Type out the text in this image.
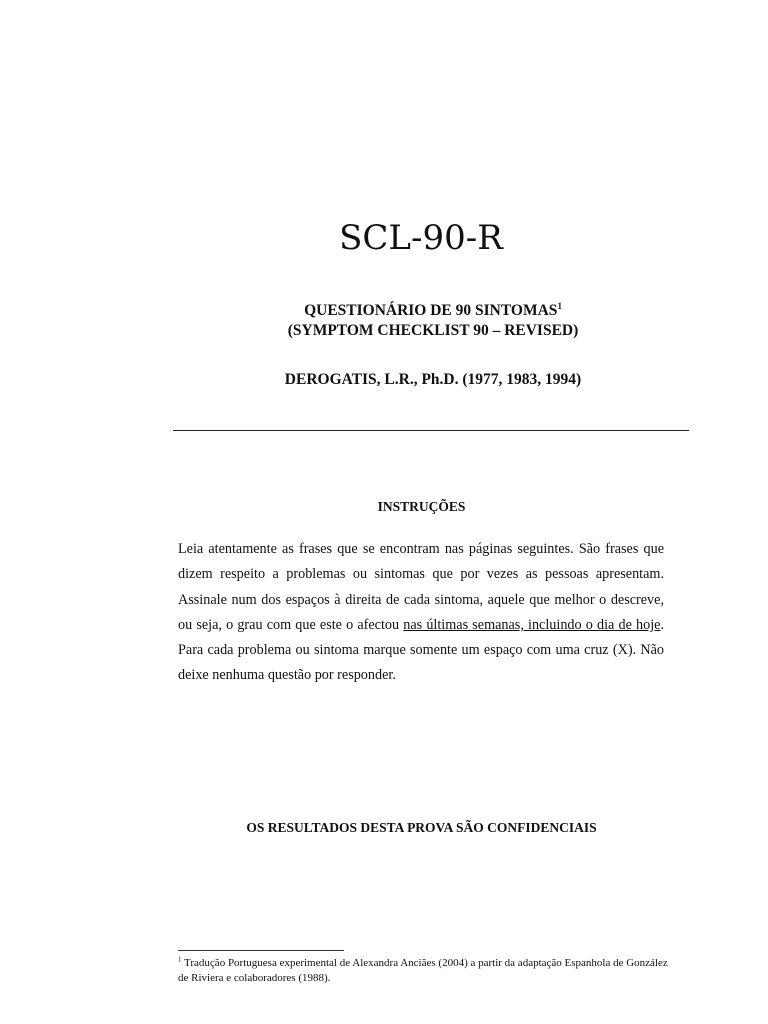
SCL-90-R
QUESTIONÁRIO DE 90 SINTOMAS$^1$
(SYMPTOM CHECKLIST 90 – REVISED)
DEROGATIS, L.R., Ph.D. (1977, 1983, 1994)
INSTRUÇÕES
Leia atentamente as frases que se encontram nas páginas seguintes. São frases que dizem respeito a problemas ou sintomas que por vezes as pessoas apresentam. Assinale num dos espaços à direita de cada sintoma, aquele que melhor o descreve, ou seja, o grau com que este o afectou nas últimas semanas, incluindo o dia de hoje. Para cada problema ou sintoma marque somente um espaço com uma cruz (X). Não deixe nenhuma questão por responder.
OS RESULTADOS DESTA PROVA SÃO CONFIDENCIAIS
$^1$ Tradução Portuguesa experimental de Alexandra Anciães (2004) a partir da adaptação Espanhola de González de Riviera e colaboradores (1988).
